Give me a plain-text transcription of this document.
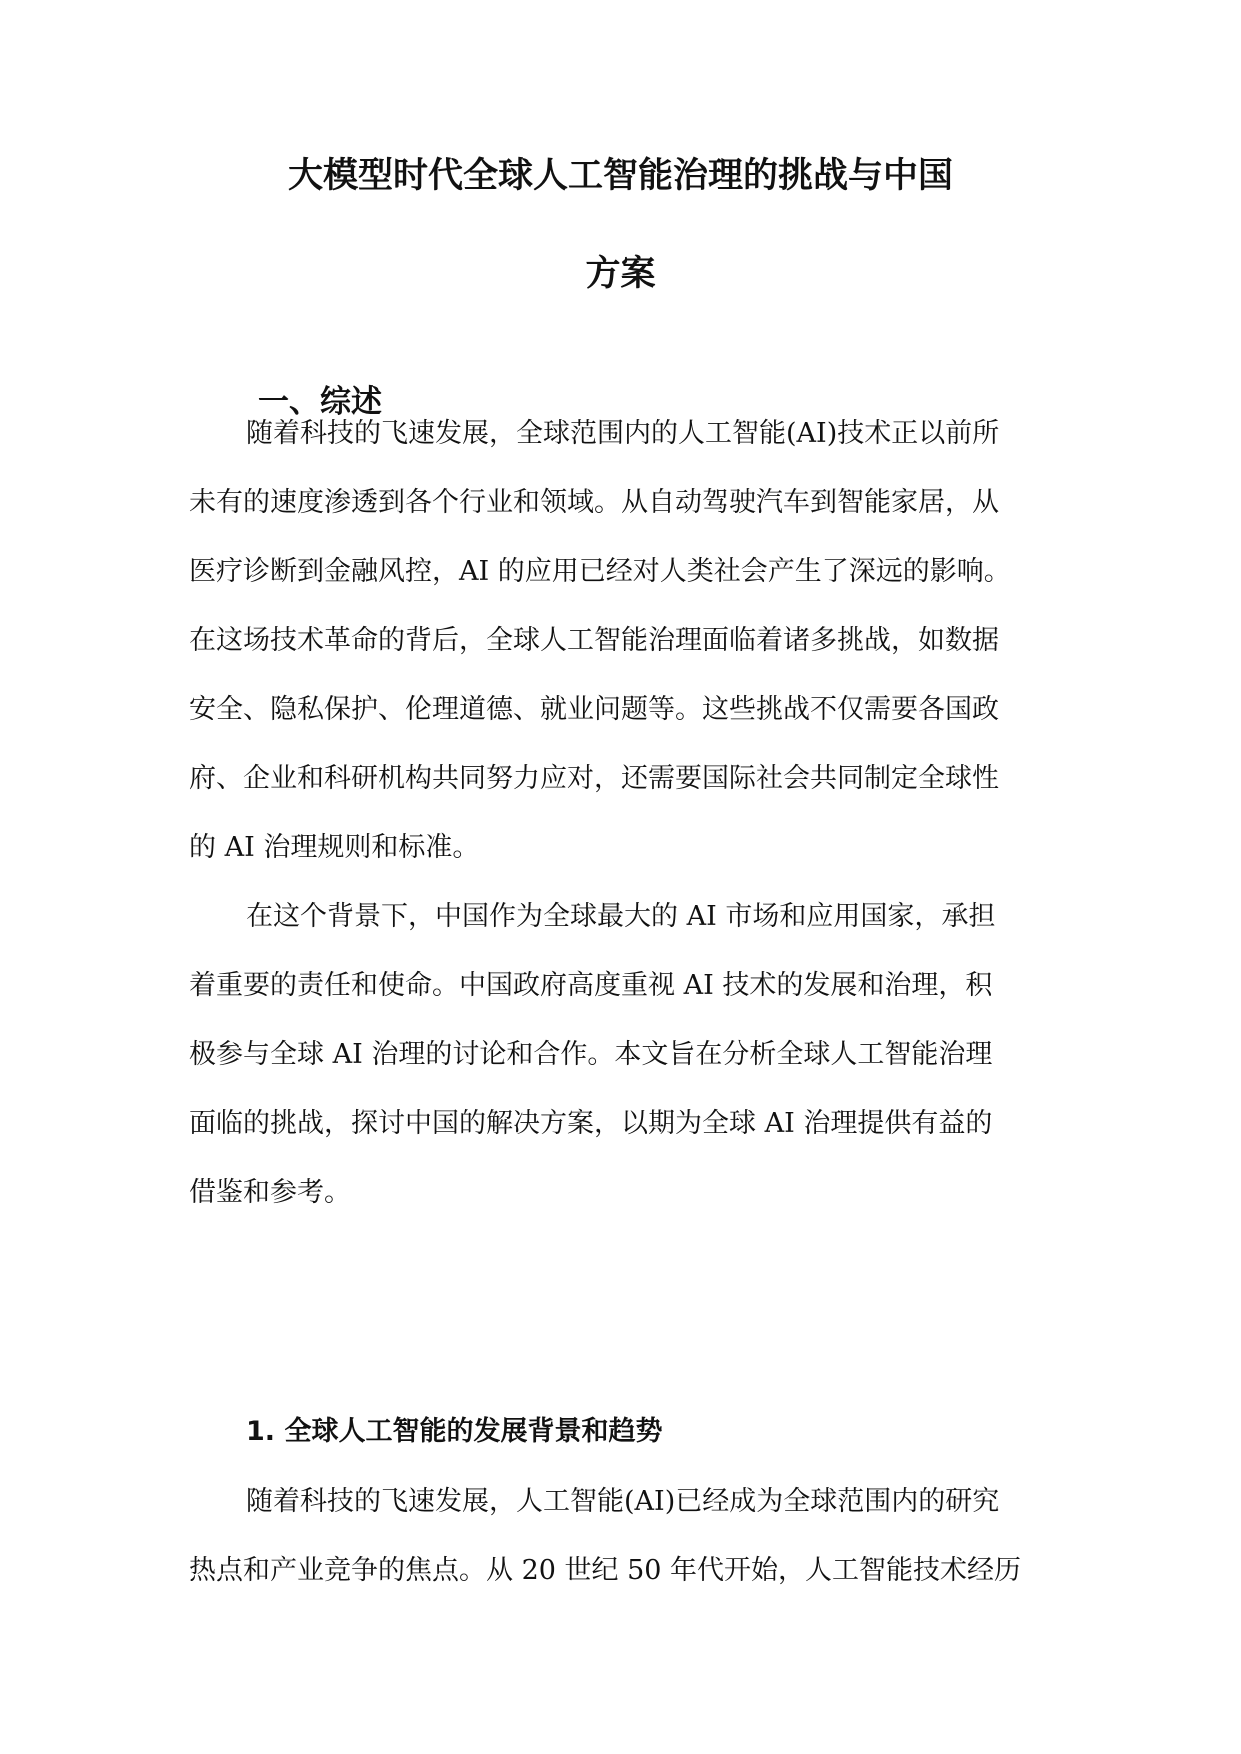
大模型时代全球人工智能治理的挑战与中国
方案
一、综述
随着科技的飞速发展，全球范围内的人工智能(AI)技术正以前所
未有的速度渗透到各个行业和领域。从自动驾驶汽车到智能家居，从
医疗诊断到金融风控，AI 的应用已经对人类社会产生了深远的影响。
在这场技术革命的背后，全球人工智能治理面临着诸多挑战，如数据
安全、隐私保护、伦理道德、就业问题等。这些挑战不仅需要各国政
府、企业和科研机构共同努力应对，还需要国际社会共同制定全球性
的 AI 治理规则和标准。
在这个背景下，中国作为全球最大的 AI 市场和应用国家，承担
着重要的责任和使命。中国政府高度重视 AI 技术的发展和治理，积
极参与全球 AI 治理的讨论和合作。本文旨在分析全球人工智能治理
面临的挑战，探讨中国的解决方案，以期为全球 AI 治理提供有益的
借鉴和参考。
1. 全球人工智能的发展背景和趋势
随着科技的飞速发展，人工智能(AI)已经成为全球范围内的研究
热点和产业竞争的焦点。从 20 世纪 50 年代开始，人工智能技术经历
